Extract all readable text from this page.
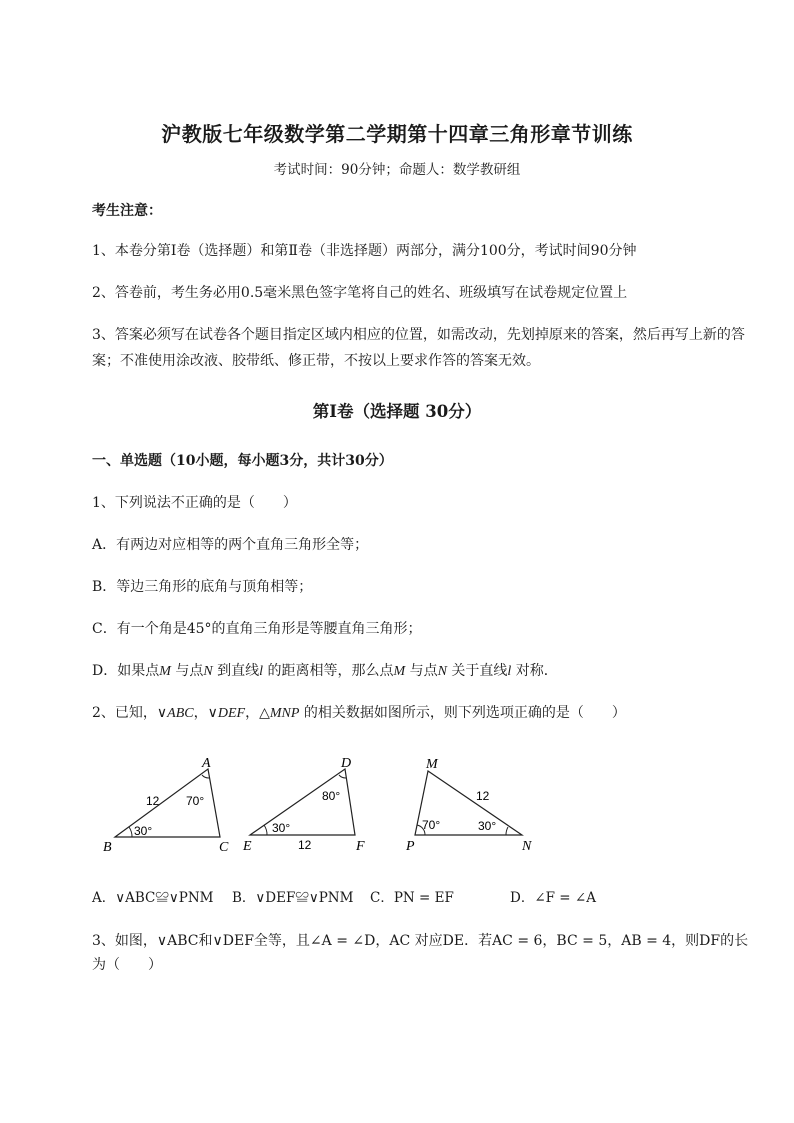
沪教版七年级数学第二学期第十四章三角形章节训练
考试时间：90分钟；命题人：数学教研组
考生注意：
1、本卷分第I卷（选择题）和第Ⅱ卷（非选择题）两部分，满分100分，考试时间90分钟
2、答卷前，考生务必用0.5毫米黑色签字笔将自己的姓名、班级填写在试卷规定位置上
3、答案必须写在试卷各个题目指定区域内相应的位置，如需改动，先划掉原来的答案，然后再写上新的答案；不准使用涂改液、胶带纸、修正带，不按以上要求作答的答案无效。
第I卷（选择题 30分）
一、单选题（10小题，每小题3分，共计30分）
1、下列说法不正确的是（　　）
A．有两边对应相等的两个直角三角形全等；
B．等边三角形的底角与顶角相等；
C．有一个角是45°的直角三角形是等腰直角三角形；
D．如果点M 与点N 到直线l 的距离相等，那么点M 与点N 关于直线l 对称．
2、已知，∨ABC，∨DEF，△MNP 的相关数据如图所示，则下列选项正确的是（　　）
A
B	C
12 70°
30°
D
E	F
80°
30°
12
M
P	N
12
70°	30°
A．∨ABC≌∨PNM B．∨DEF≌∨PNM C．PN = EF	D．∠F = ∠A
3、如图，∨ABC和∨DEF全等，且∠A = ∠D，AC 对应DE．若AC = 6，BC = 5，AB = 4，则DF的长
为（　　）
